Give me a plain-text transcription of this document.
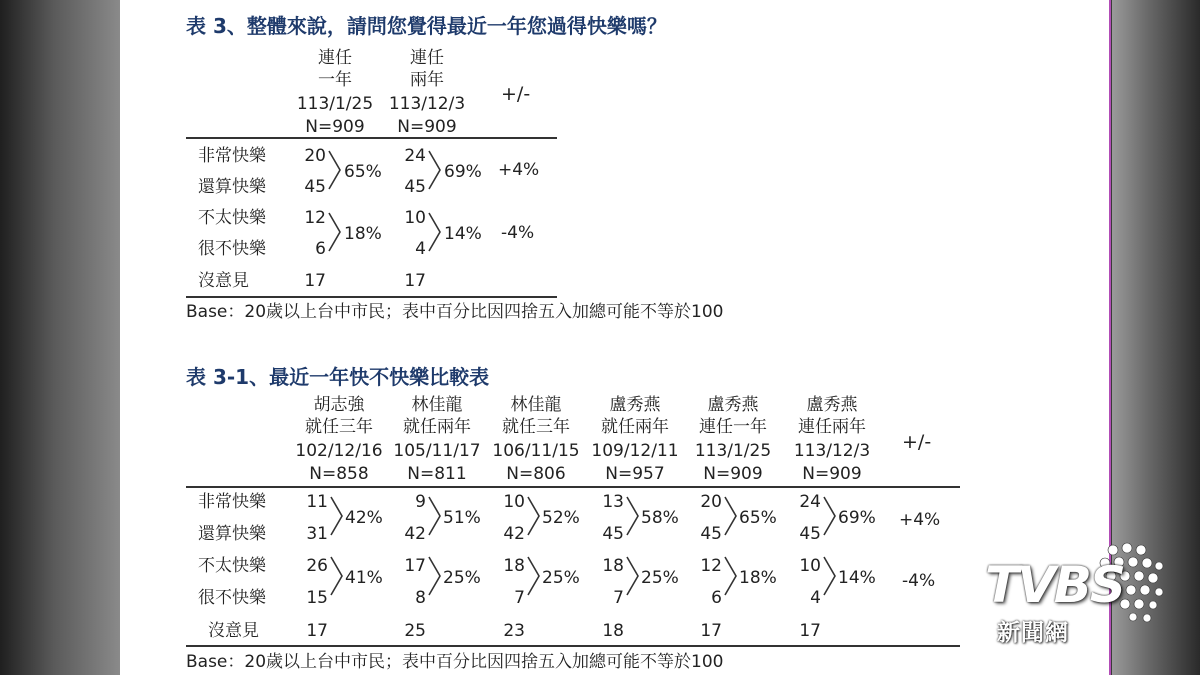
表 3、整體來說，請問您覺得最近一年您過得快樂嗎？
連任
一年
113/1/25
N=909
連任
兩年
113/12/3
N=909
+/-
非常快樂
還算快樂
不太快樂
很不快樂
沒意見
20
45
12
6
17
65%
18%
24
45
10
4
17
69%
14%
+4%
-4%
Base：20歲以上台中市民；表中百分比因四捨五入加總可能不等於100
表 3-1、最近一年快不快樂比較表
胡志強
就任三年
102/12/16
N=858
林佳龍
就任兩年
105/11/17
N=811
林佳龍
就任三年
106/11/15
N=806
盧秀燕
就任兩年
109/12/11
N=957
盧秀燕
連任一年
113/1/25
N=909
盧秀燕
連任兩年
113/12/3
N=909
+/-
非常快樂
還算快樂
不太快樂
很不快樂
沒意見
11
31
26
15
17
42%
41%
9
42
17
8
25
51%
25%
10
42
18
7
23
52%
25%
13
45
18
7
18
58%
25%
20
45
12
6
17
65%
18%
24
45
10
4
17
69%
14%
+4%
-4%
Base：20歲以上台中市民；表中百分比因四捨五入加總可能不等於100
TVBS
新聞網
